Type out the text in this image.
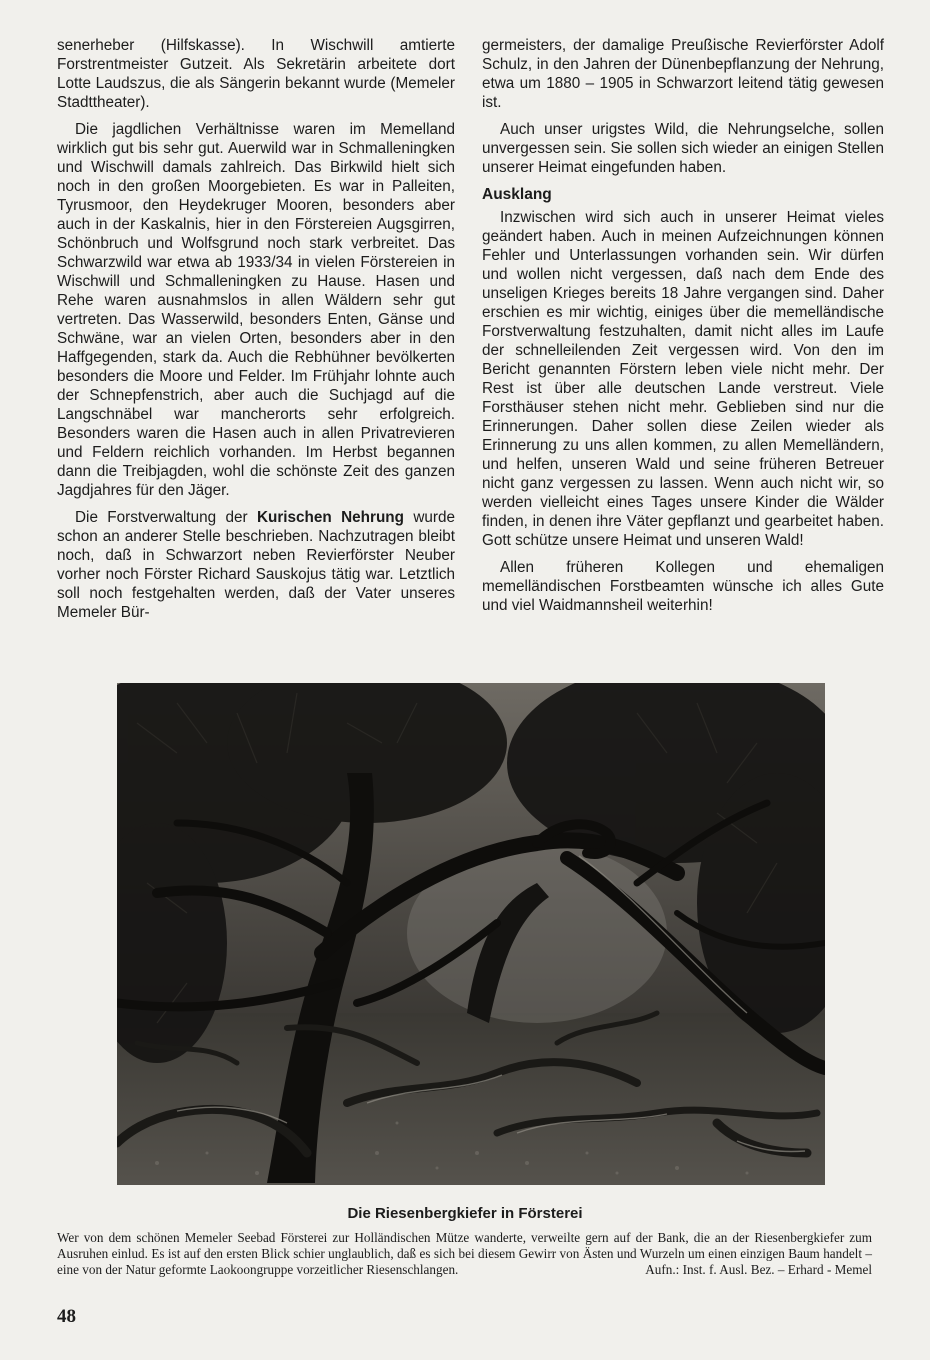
senerheber (Hilfskasse). In Wischwill amtierte Forstrentmeister Gutzeit. Als Sekretärin arbeitete dort Lotte Laudszus, die als Sängerin bekannt wurde (Memeler Stadttheater).

Die jagdlichen Verhältnisse waren im Memelland wirklich gut bis sehr gut. Auerwild war in Schmalleningken und Wischwill damals zahlreich. Das Birkwild hielt sich noch in den großen Moorgebieten. Es war in Palleiten, Tyrusmoor, den Heydekruger Mooren, besonders aber auch in der Kaskalnis, hier in den Förstereien Augsgirren, Schönbruch und Wolfsgrund noch stark verbreitet. Das Schwarzwild war etwa ab 1933/34 in vielen Förstereien in Wischwill und Schmalleningken zu Hause. Hasen und Rehe waren ausnahmslos in allen Wäldern sehr gut vertreten. Das Wasserwild, besonders Enten, Gänse und Schwäne, war an vielen Orten, besonders aber in den Haffgegenden, stark da. Auch die Rebhühner bevölkerten besonders die Moore und Felder. Im Frühjahr lohnte auch der Schnepfenstrich, aber auch die Suchjagd auf die Langschnäbel war mancherorts sehr erfolgreich. Besonders waren die Hasen auch in allen Privatrevieren und Feldern reichlich vorhanden. Im Herbst begannen dann die Treibjagden, wohl die schönste Zeit des ganzen Jagdjahres für den Jäger.

Die Forstverwaltung der Kurischen Nehrung wurde schon an anderer Stelle beschrieben. Nachzutragen bleibt noch, daß in Schwarzort neben Revierförster Neuber vorher noch Förster Richard Sauskojus tätig war. Letztlich soll noch festgehalten werden, daß der Vater unseres Memeler Bür-

germeisters, der damalige Preußische Revierförster Adolf Schulz, in den Jahren der Dünenbepflanzung der Nehrung, etwa um 1880 – 1905 in Schwarzort leitend tätig gewesen ist.

Auch unser urigstes Wild, die Nehrungselche, sollen unvergessen sein. Sie sollen sich wieder an einigen Stellen unserer Heimat eingefunden haben.

Ausklang

Inzwischen wird sich auch in unserer Heimat vieles geändert haben. Auch in meinen Aufzeichnungen können Fehler und Unterlassungen vorhanden sein. Wir dürfen und wollen nicht vergessen, daß nach dem Ende des unseligen Krieges bereits 18 Jahre vergangen sind. Daher erschien es mir wichtig, einiges über die memelländische Forstverwaltung festzuhalten, damit nicht alles im Laufe der schnelleilenden Zeit vergessen wird. Von den im Bericht genannten Förstern leben viele nicht mehr. Der Rest ist über alle deutschen Lande verstreut. Viele Forsthäuser stehen nicht mehr. Geblieben sind nur die Erinnerungen. Daher sollen diese Zeilen wieder als Erinnerung zu uns allen kommen, zu allen Memelländern, und helfen, unseren Wald und seine früheren Betreuer nicht ganz vergessen zu lassen. Wenn auch nicht wir, so werden vielleicht eines Tages unsere Kinder die Wälder finden, in denen ihre Väter gepflanzt und gearbeitet haben. Gott schütze unsere Heimat und unseren Wald!

Allen früheren Kollegen und ehemaligen memelländischen Forstbeamten wünsche ich alles Gute und viel Waidmannsheil weiterhin!

Die Riesenbergkiefer in Försterei
Wer von dem schönen Memeler Seebad Försterei zur Holländischen Mütze wanderte, verweilte gern auf der Bank, die an der Riesenbergkiefer zum Ausruhen einlud. Es ist auf den ersten Blick schier unglaublich, daß es sich bei diesem Gewirr von Ästen und Wurzeln um einen einzigen Baum handelt – eine von der Natur geformte Laokoongruppe vorzeitlicher Riesenschlangen.	Aufn.: Inst. f. Ausl. Bez. – Erhard - Memel
48
